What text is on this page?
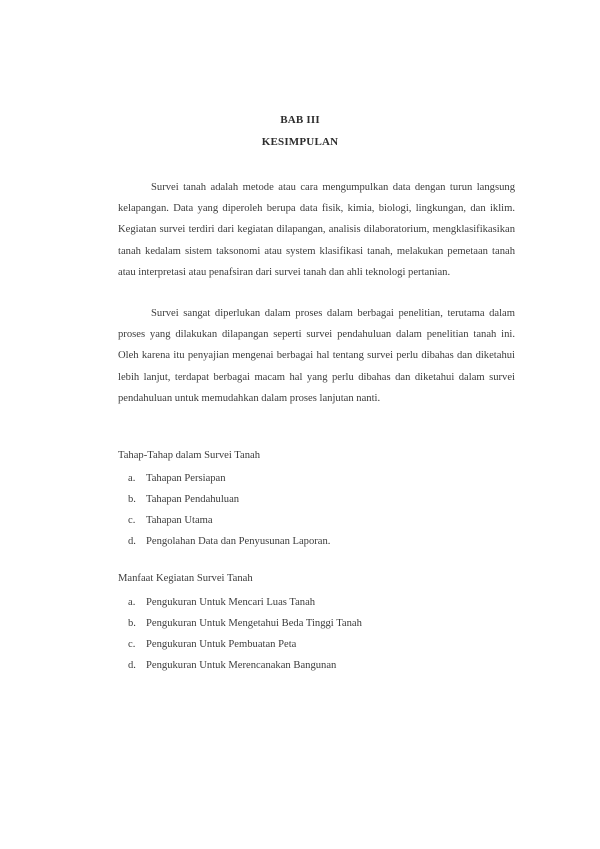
BAB III
KESIMPULAN

Survei tanah adalah metode atau cara mengumpulkan data dengan turun langsung kelapangan. Data yang diperoleh berupa data fisik, kimia, biologi, lingkungan, dan iklim. Kegiatan survei terdiri dari kegiatan dilapangan, analisis dilaboratorium, mengklasifikasikan tanah kedalam sistem taksonomi atau system klasifikasi tanah, melakukan pemetaan tanah atau interpretasi atau penafsiran dari survei tanah dan ahli teknologi pertanian.

Survei sangat diperlukan dalam proses dalam berbagai penelitian, terutama dalam proses yang dilakukan dilapangan seperti survei pendahuluan dalam penelitian tanah ini. Oleh karena itu penyajian mengenai berbagai hal tentang survei perlu dibahas dan diketahui lebih lanjut, terdapat berbagai macam hal yang perlu dibahas dan diketahui dalam survei pendahuluan untuk memudahkan dalam proses lanjutan nanti.

Tahap-Tahap dalam Survei Tanah

a. Tahapan Persiapan
b. Tahapan Pendahuluan
c. Tahapan Utama
d. Pengolahan Data dan Penyusunan Laporan.

Manfaat Kegiatan Survei Tanah

a. Pengukuran Untuk Mencari Luas Tanah
b. Pengukuran Untuk Mengetahui Beda Tinggi Tanah
c. Pengukuran Untuk Pembuatan Peta
d. Pengukuran Untuk Merencanakan Bangunan
